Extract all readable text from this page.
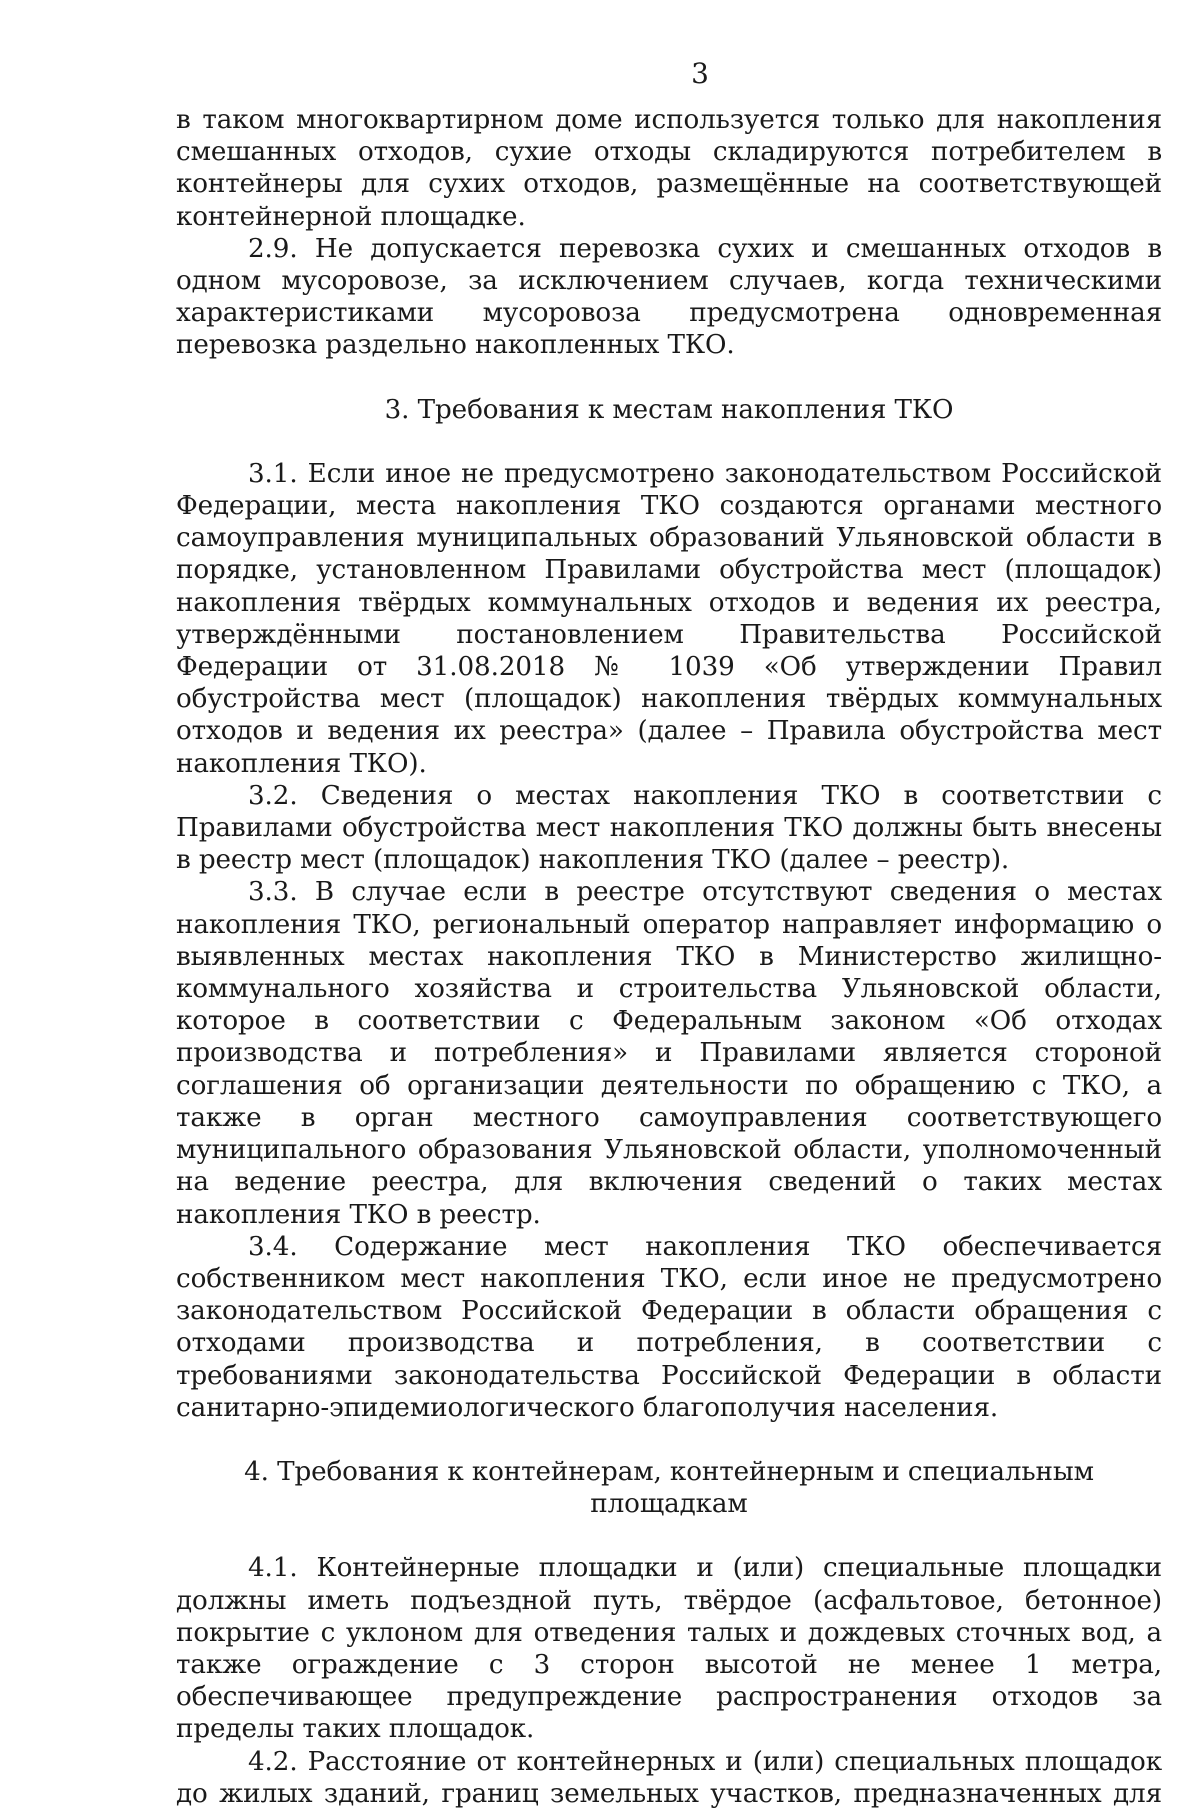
3

в таком многоквартирном доме используется только для накопления смешанных отходов, сухие отходы складируются потребителем в контейнеры для сухих отходов, размещённые на соответствующей контейнерной площадке.

2.9. Не допускается перевозка сухих и смешанных отходов в одном мусоровозе, за исключением случаев, когда техническими характеристиками мусоровоза предусмотрена одновременная перевозка раздельно накопленных ТКО.

3. Требования к местам накопления ТКО

3.1. Если иное не предусмотрено законодательством Российской Федерации, места накопления ТКО создаются органами местного самоуправления муниципальных образований Ульяновской области в порядке, установленном Правилами обустройства мест (площадок) накопления твёрдых коммунальных отходов и ведения их реестра, утверждёнными постановлением Правительства Российской Федерации от 31.08.2018 № 1039 «Об утверждении Правил обустройства мест (площадок) накопления твёрдых коммунальных отходов и ведения их реестра» (далее – Правила обустройства мест накопления ТКО).

3.2. Сведения о местах накопления ТКО в соответствии с Правилами обустройства мест накопления ТКО должны быть внесены в реестр мест (площадок) накопления ТКО (далее – реестр).

3.3. В случае если в реестре отсутствуют сведения о местах накопления ТКО, региональный оператор направляет информацию о выявленных местах накопления ТКО в Министерство жилищно-коммунального хозяйства и строительства Ульяновской области, которое в соответствии с Федеральным законом «Об отходах производства и потребления» и Правилами является стороной соглашения об организации деятельности по обращению с ТКО, а также в орган местного самоуправления соответствующего муниципального образования Ульяновской области, уполномоченный на ведение реестра, для включения сведений о таких местах накопления ТКО в реестр.

3.4. Содержание мест накопления ТКО обеспечивается собственником мест накопления ТКО, если иное не предусмотрено законодательством Российской Федерации в области обращения с отходами производства и потребления, в соответствии с требованиями законодательства Российской Федерации в области санитарно-эпидемиологического благополучия населения.

4. Требования к контейнерам, контейнерным и специальным площадкам

4.1. Контейнерные площадки и (или) специальные площадки должны иметь подъездной путь, твёрдое (асфальтовое, бетонное) покрытие с уклоном для отведения талых и дождевых сточных вод, а также ограждение с 3 сторон высотой не менее 1 метра, обеспечивающее предупреждение распространения отходов за пределы таких площадок.

4.2. Расстояние от контейнерных и (или) специальных площадок до жилых зданий, границ земельных участков, предназначенных для
